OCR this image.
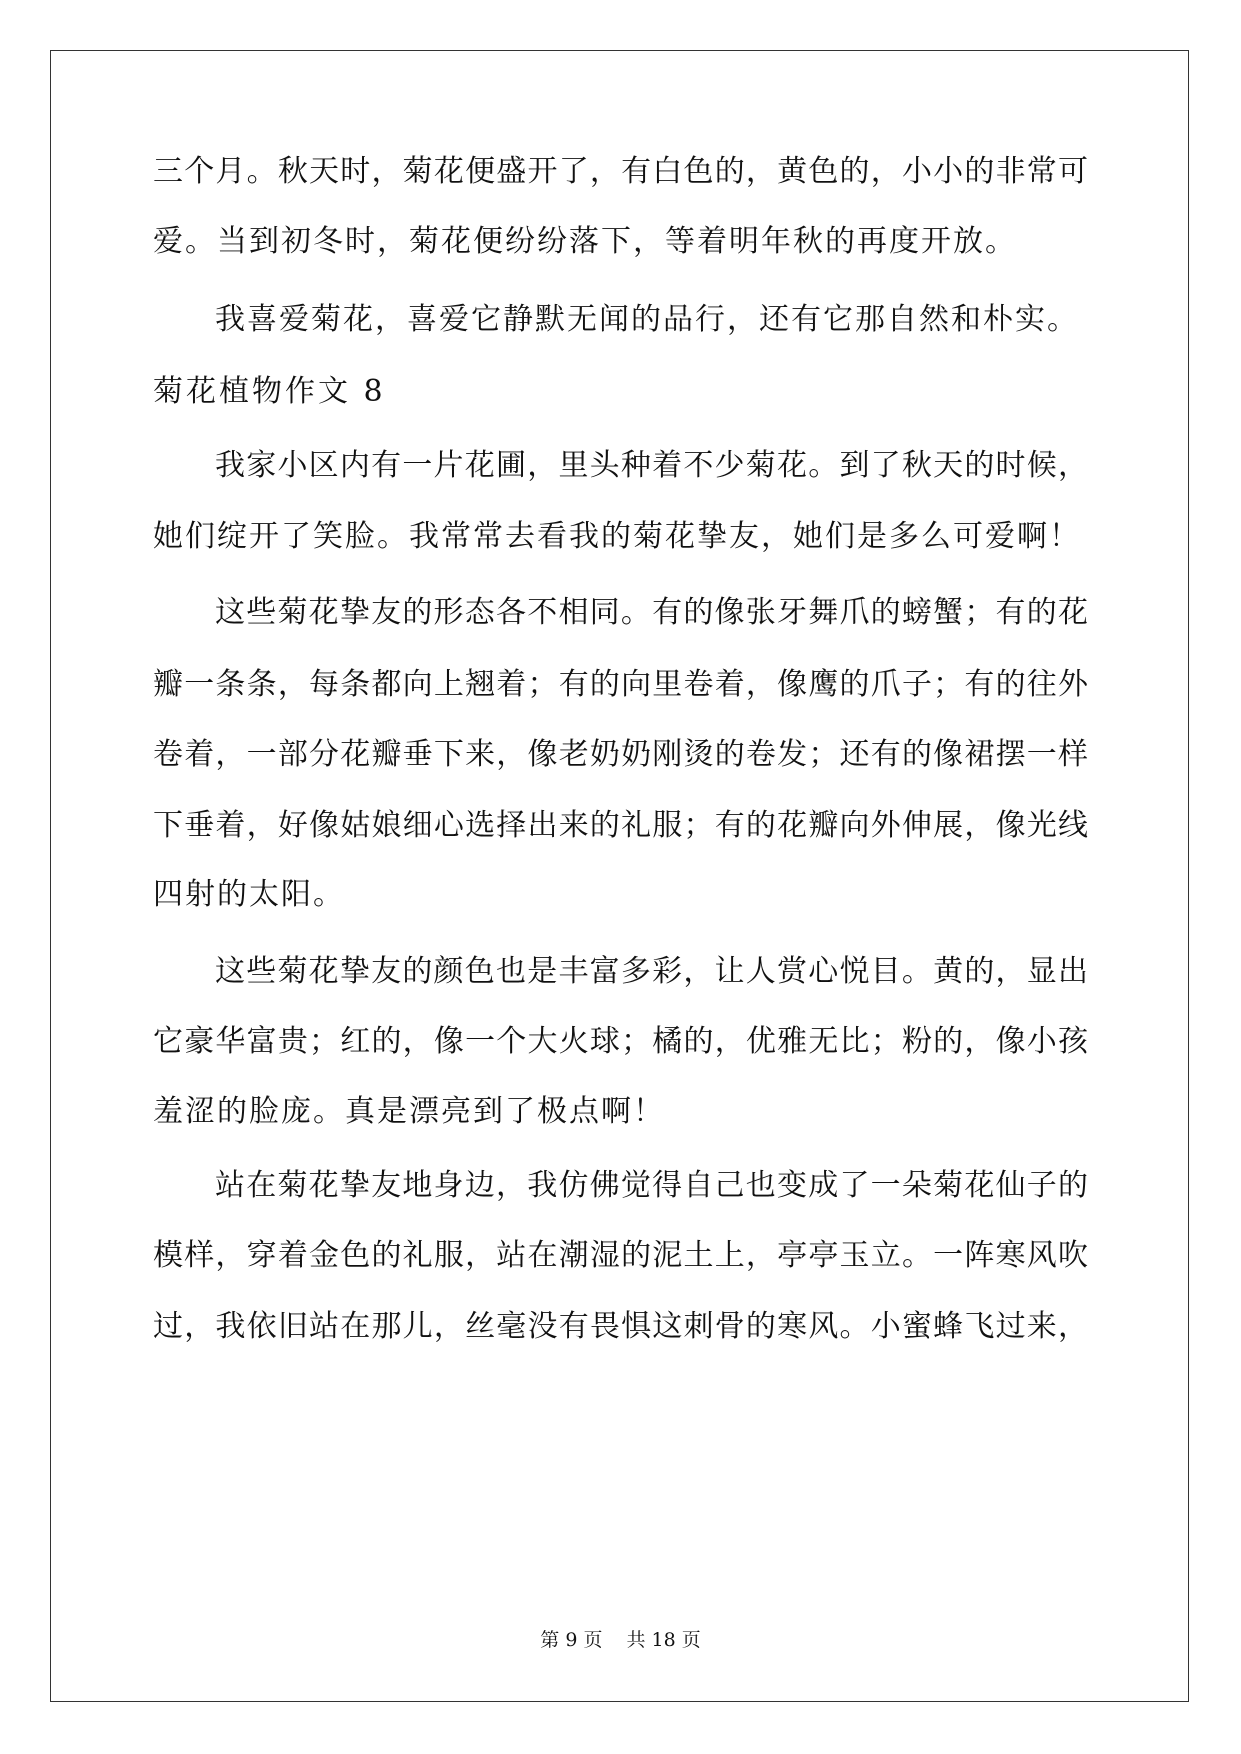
三个月。秋天时，菊花便盛开了，有白色的，黄色的，小小的非常可
爱。当到初冬时，菊花便纷纷落下，等着明年秋的再度开放。
我喜爱菊花，喜爱它静默无闻的品行，还有它那自然和朴实。
菊花植物作文 8
我家小区内有一片花圃，里头种着不少菊花。到了秋天的时候，
她们绽开了笑脸。我常常去看我的菊花挚友，她们是多么可爱啊！
这些菊花挚友的形态各不相同。有的像张牙舞爪的螃蟹；有的花
瓣一条条，每条都向上翘着；有的向里卷着，像鹰的爪子；有的往外
卷着，一部分花瓣垂下来，像老奶奶刚烫的卷发；还有的像裙摆一样
下垂着，好像姑娘细心选择出来的礼服；有的花瓣向外伸展，像光线
四射的太阳。
这些菊花挚友的颜色也是丰富多彩，让人赏心悦目。黄的，显出
它豪华富贵；红的，像一个大火球；橘的，优雅无比；粉的，像小孩
羞涩的脸庞。真是漂亮到了极点啊！
站在菊花挚友地身边，我仿佛觉得自己也变成了一朵菊花仙子的
模样，穿着金色的礼服，站在潮湿的泥土上，亭亭玉立。一阵寒风吹
过，我依旧站在那儿，丝毫没有畏惧这刺骨的寒风。小蜜蜂飞过来，
第 9 页 共 18 页
